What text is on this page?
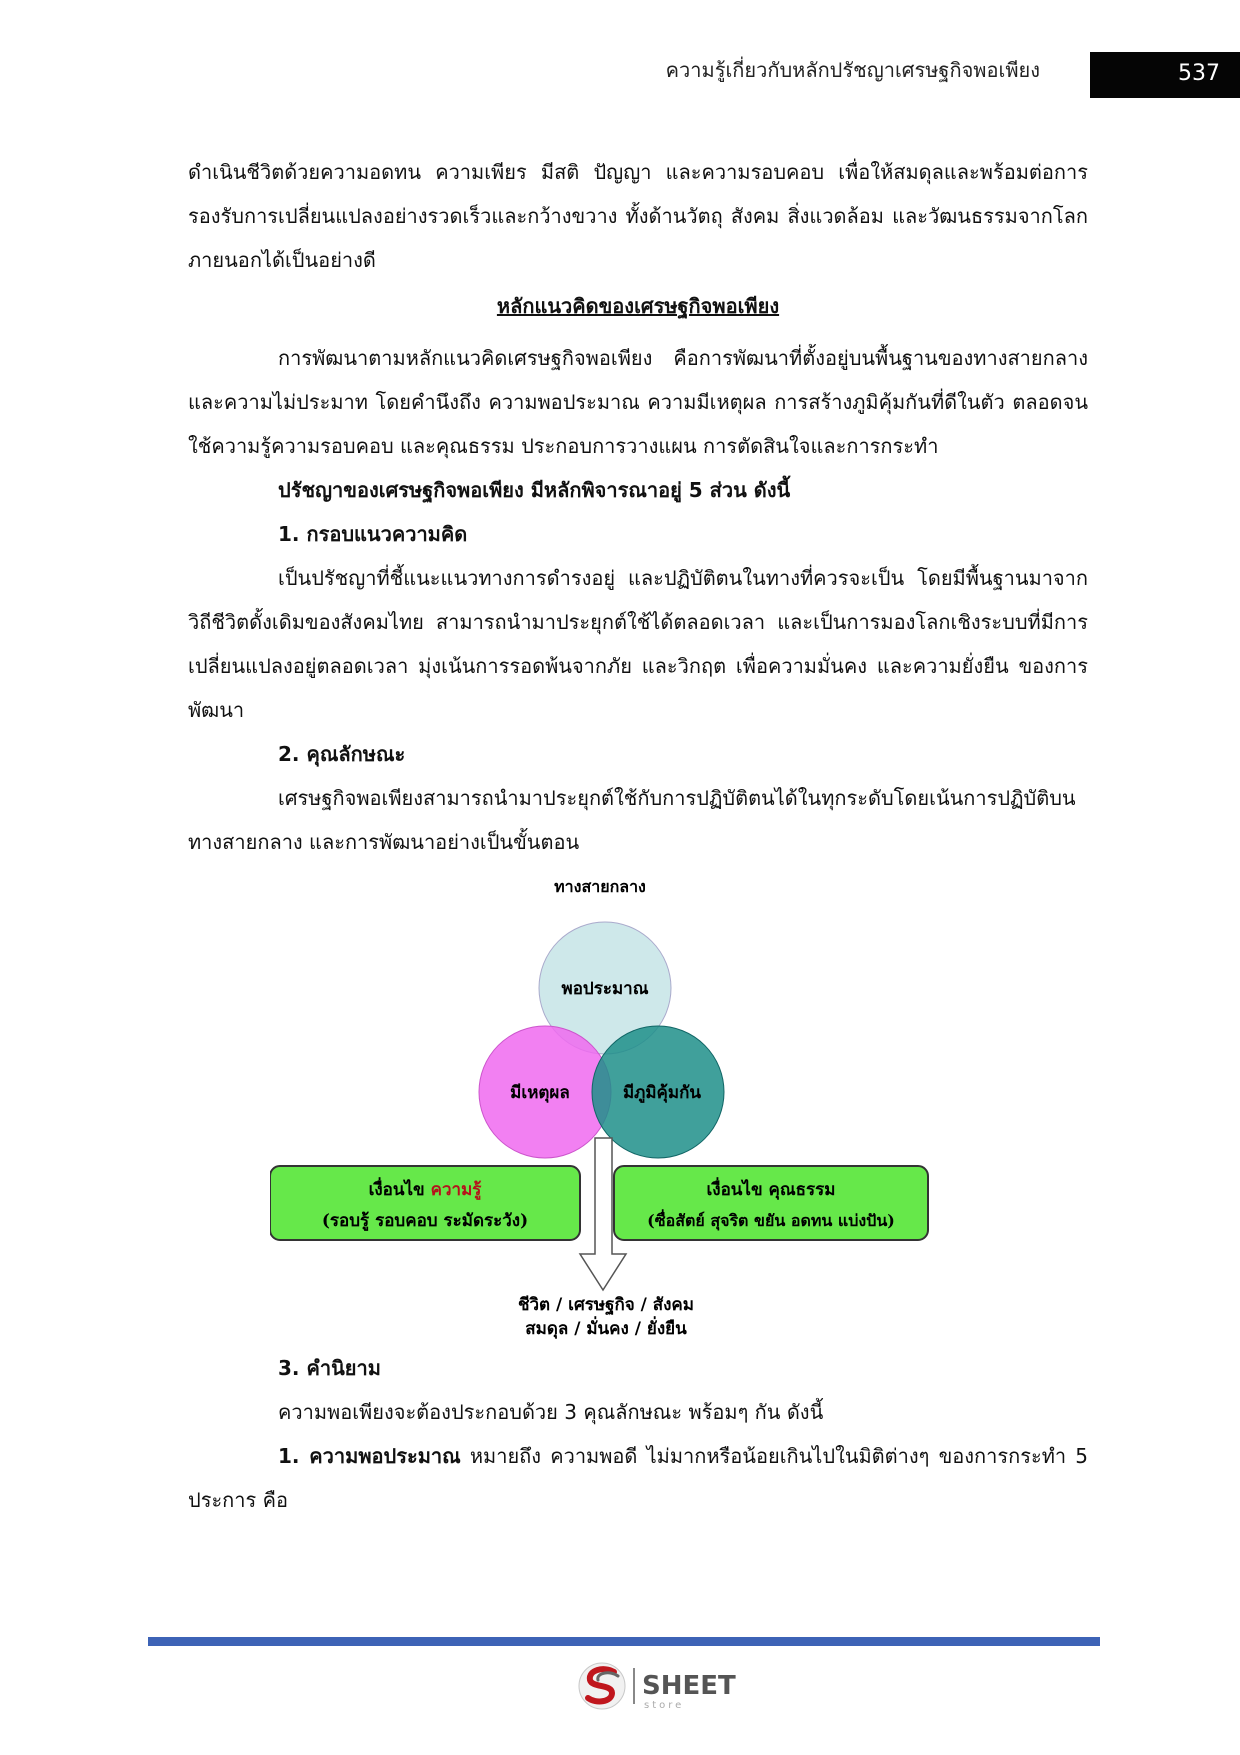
ความรู้เกี่ยวกับหลักปรัชญาเศรษฐกิจพอเพียง	537

ดำเนินชีวิตด้วยความอดทน ความเพียร มีสติ ปัญญา และความรอบคอบ เพื่อให้สมดุลและพร้อมต่อการรองรับการเปลี่ยนแปลงอย่างรวดเร็วและกว้างขวาง ทั้งด้านวัตถุ สังคม สิ่งแวดล้อม และวัฒนธรรมจากโลกภายนอกได้เป็นอย่างดี

หลักแนวคิดของเศรษฐกิจพอเพียง

การพัฒนาตามหลักแนวคิดเศรษฐกิจพอเพียง คือการพัฒนาที่ตั้งอยู่บนพื้นฐานของทางสายกลางและความไม่ประมาท โดยคำนึงถึง ความพอประมาณ ความมีเหตุผล การสร้างภูมิคุ้มกันที่ดีในตัว ตลอดจนใช้ความรู้ความรอบคอบ และคุณธรรม ประกอบการวางแผน การตัดสินใจและการกระทำ

ปรัชญาของเศรษฐกิจพอเพียง มีหลักพิจารณาอยู่ 5 ส่วน ดังนี้

1. กรอบแนวความคิด

เป็นปรัชญาที่ชี้แนะแนวทางการดำรงอยู่ และปฏิบัติตนในทางที่ควรจะเป็น โดยมีพื้นฐานมาจากวิถีชีวิตดั้งเดิมของสังคมไทย สามารถนำมาประยุกต์ใช้ได้ตลอดเวลา และเป็นการมองโลกเชิงระบบที่มีการเปลี่ยนแปลงอยู่ตลอดเวลา มุ่งเน้นการรอดพ้นจากภัย และวิกฤต เพื่อความมั่นคง และความยั่งยืน ของการพัฒนา

2. คุณลักษณะ

เศรษฐกิจพอเพียงสามารถนำมาประยุกต์ใช้กับการปฏิบัติตนได้ในทุกระดับโดยเน้นการปฏิบัติบนทางสายกลาง และการพัฒนาอย่างเป็นขั้นตอน

ทางสายกลาง
พอประมาณ
มีเหตุผล	มีภูมิคุ้มกัน
เงื่อนไข ความรู้
(รอบรู้ รอบคอบ ระมัดระวัง)
เงื่อนไข คุณธรรม
(ซื่อสัตย์ สุจริต ขยัน อดทน แบ่งปัน)
ชีวิต / เศรษฐกิจ / สังคม
สมดุล / มั่นคง / ยั่งยืน

3. คำนิยาม

ความพอเพียงจะต้องประกอบด้วย 3 คุณลักษณะ พร้อมๆ กัน ดังนี้

1. ความพอประมาณ หมายถึง ความพอดี ไม่มากหรือน้อยเกินไปในมิติต่างๆ ของการกระทำ 5 ประการ คือ

SHEET
store
